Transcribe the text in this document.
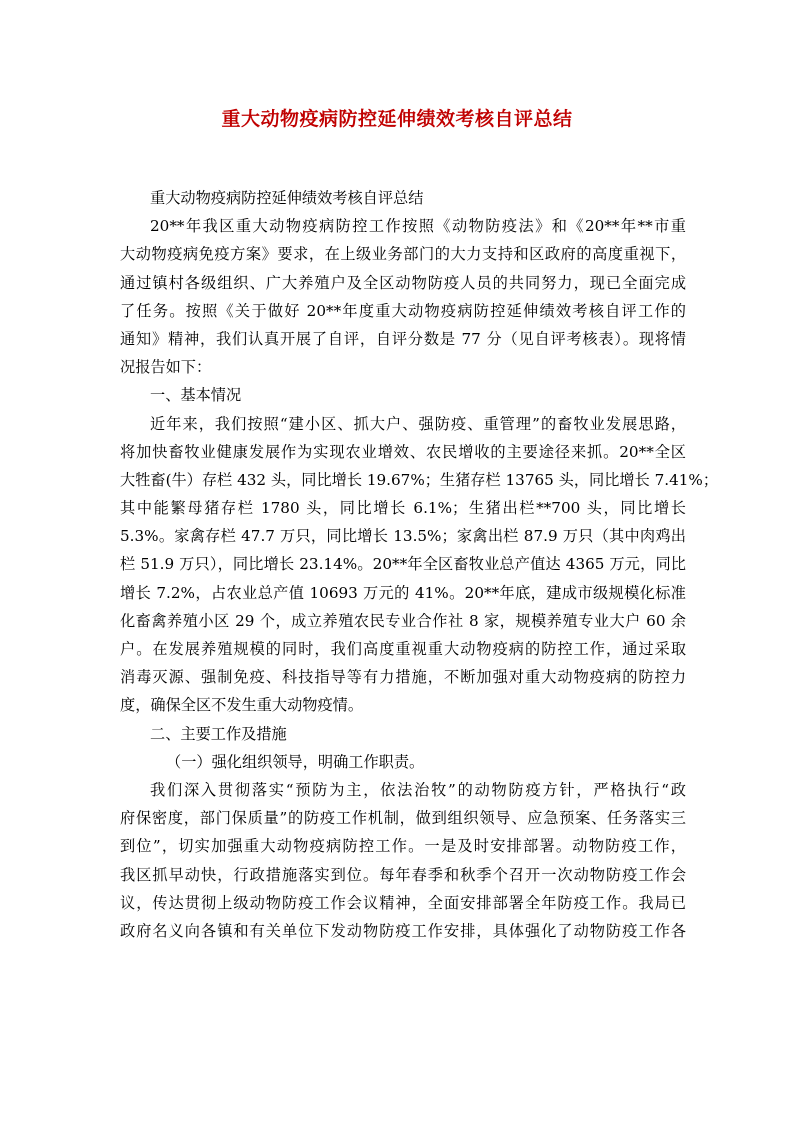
重大动物疫病防控延伸绩效考核自评总结
重大动物疫病防控延伸绩效考核自评总结
20**年我区重大动物疫病防控工作按照《动物防疫法》和《20**年**市重
大动物疫病免疫方案》要求，在上级业务部门的大力支持和区政府的高度重视下，
通过镇村各级组织、广大养殖户及全区动物防疫人员的共同努力，现已全面完成
了任务。按照《关于做好 20**年度重大动物疫病防控延伸绩效考核自评工作的
通知》精神，我们认真开展了自评，自评分数是 77 分（见自评考核表）。现将情
况报告如下：
一、基本情况
近年来，我们按照“建小区、抓大户、强防疫、重管理”的畜牧业发展思路，
将加快畜牧业健康发展作为实现农业增效、农民增收的主要途径来抓。20**全区
大牲畜(牛）存栏 432 头，同比增长 19.67%；生猪存栏 13765 头，同比增长 7.41%；
其中能繁母猪存栏 1780 头，同比增长 6.1%；生猪出栏**700 头，同比增长
5.3%。家禽存栏 47.7 万只，同比增长 13.5%；家禽出栏 87.9 万只（其中肉鸡出
栏 51.9 万只），同比增长 23.14%。20**年全区畜牧业总产值达 4365 万元，同比
增长 7.2%，占农业总产值 10693 万元的 41%。20**年底，建成市级规模化标准
化畜禽养殖小区 29 个，成立养殖农民专业合作社 8 家，规模养殖专业大户 60 余
户。在发展养殖规模的同时，我们高度重视重大动物疫病的防控工作，通过采取
消毒灭源、强制免疫、科技指导等有力措施，不断加强对重大动物疫病的防控力
度，确保全区不发生重大动物疫情。
二、主要工作及措施
（一）强化组织领导，明确工作职责。
我们深入贯彻落实“预防为主，依法治牧”的动物防疫方针，严格执行“政
府保密度，部门保质量”的防疫工作机制，做到组织领导、应急预案、任务落实三
到位”，切实加强重大动物疫病防控工作。一是及时安排部署。动物防疫工作，
我区抓早动快，行政措施落实到位。每年春季和秋季个召开一次动物防疫工作会
议，传达贯彻上级动物防疫工作会议精神，全面安排部署全年防疫工作。我局已
政府名义向各镇和有关单位下发动物防疫工作安排，具体强化了动物防疫工作各
